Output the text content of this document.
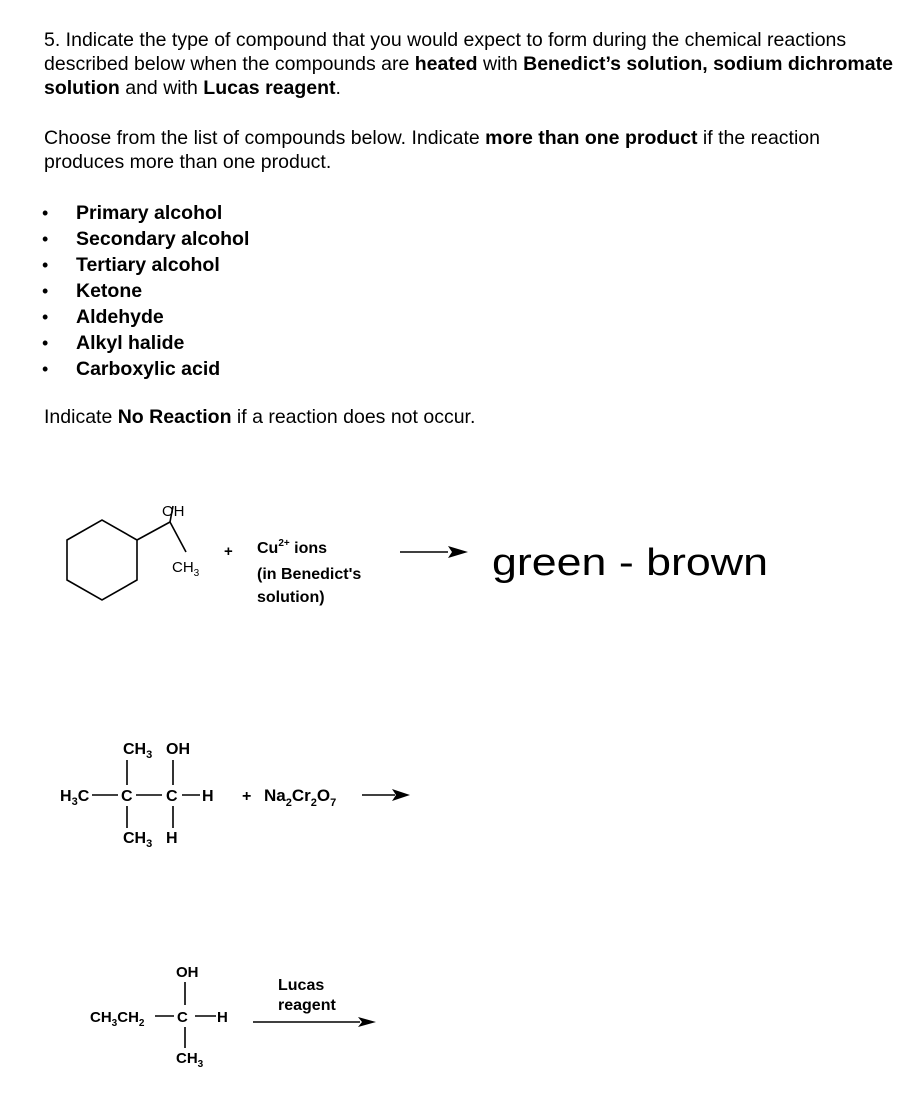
5. Indicate the type of compound that you would expect to form during the chemical reactions described below when the compounds are heated with Benedict’s solution, sodium dichromate solution and with Lucas reagent.
Choose from the list of compounds below. Indicate more than one product if the reaction produces more than one product.
• Primary alcohol
• Secondary alcohol
• Tertiary alcohol
• Ketone
• Aldehyde
• Alkyl halide
• Carboxylic acid
Indicate No Reaction if a reaction does not occur.
OH
$CH_3$
+ $Cu^{2+}$ ions
(in Benedict's
solution)
green - brown
$H_3C$ C C H
$CH_3$ OH
$CH_3$ H
+ $Na_2Cr_2O_7$
OH
$CH_3CH_2$ C H
$CH_3$
Lucas
reagent
